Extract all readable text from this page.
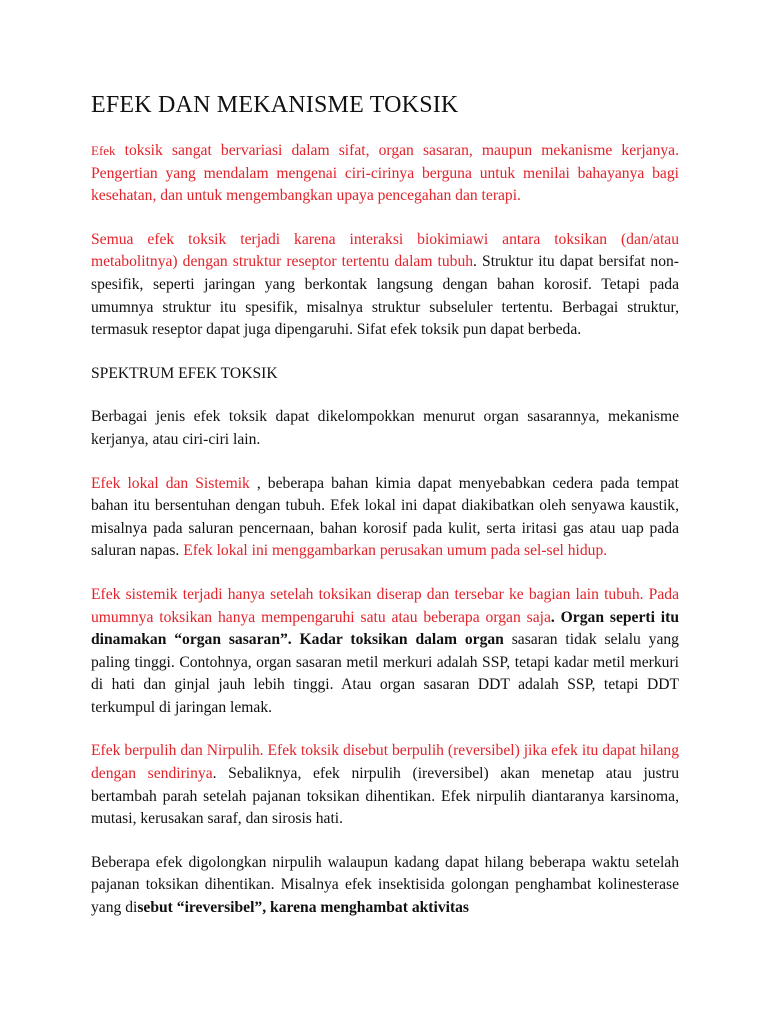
EFEK DAN MEKANISME TOKSIK

Efek toksik sangat bervariasi dalam sifat, organ sasaran, maupun mekanisme kerjanya. Pengertian yang mendalam mengenai ciri-cirinya berguna untuk menilai bahayanya bagi kesehatan, dan untuk mengembangkan upaya pencegahan dan terapi.

Semua efek toksik terjadi karena interaksi biokimiawi antara toksikan (dan/atau metabolitnya) dengan struktur reseptor tertentu dalam tubuh. Struktur itu dapat bersifat non-spesifik, seperti jaringan yang berkontak langsung dengan bahan korosif. Tetapi pada umumnya struktur itu spesifik, misalnya struktur subseluler tertentu. Berbagai struktur, termasuk reseptor dapat juga dipengaruhi. Sifat efek toksik pun dapat berbeda.

SPEKTRUM EFEK TOKSIK

Berbagai jenis efek toksik dapat dikelompokkan menurut organ sasarannya, mekanisme kerjanya, atau ciri-ciri lain.

Efek lokal dan Sistemik , beberapa bahan kimia dapat menyebabkan cedera pada tempat bahan itu bersentuhan dengan tubuh. Efek lokal ini dapat diakibatkan oleh senyawa kaustik, misalnya pada saluran pencernaan, bahan korosif pada kulit, serta iritasi gas atau uap pada saluran napas. Efek lokal ini menggambarkan perusakan umum pada sel-sel hidup.

Efek sistemik terjadi hanya setelah toksikan diserap dan tersebar ke bagian lain tubuh. Pada umumnya toksikan hanya mempengaruhi satu atau beberapa organ saja. Organ seperti itu dinamakan “organ sasaran”. Kadar toksikan dalam organ sasaran tidak selalu yang paling tinggi. Contohnya, organ sasaran metil merkuri adalah SSP, tetapi kadar metil merkuri di hati dan ginjal jauh lebih tinggi. Atau organ sasaran DDT adalah SSP, tetapi DDT terkumpul di jaringan lemak.

Efek berpulih dan Nirpulih. Efek toksik disebut berpulih (reversibel) jika efek itu dapat hilang dengan sendirinya. Sebaliknya, efek nirpulih (ireversibel) akan menetap atau justru bertambah parah setelah pajanan toksikan dihentikan. Efek nirpulih diantaranya karsinoma, mutasi, kerusakan saraf, dan sirosis hati.

Beberapa efek digolongkan nirpulih walaupun kadang dapat hilang beberapa waktu setelah pajanan toksikan dihentikan. Misalnya efek insektisida golongan penghambat kolinesterase yang disebut “ireversibel”, karena menghambat aktivitas
